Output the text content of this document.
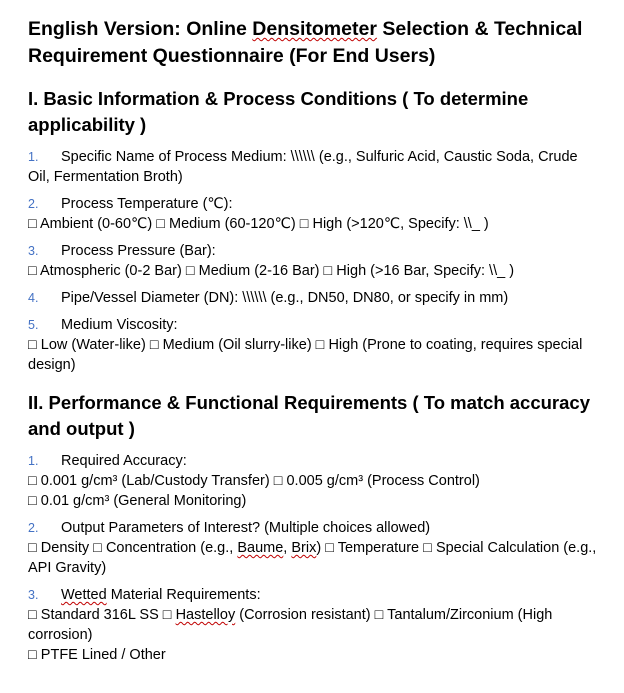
English Version: Online Densitometer Selection & Technical Requirement Questionnaire (For End Users)
I. Basic Information & Process Conditions ( To determine applicability )
1. Specific Name of Process Medium: \\\\\\ (e.g., Sulfuric Acid, Caustic Soda, Crude Oil, Fermentation Broth)
2. Process Temperature (℃):
□ Ambient (0-60℃) □ Medium (60-120℃) □ High (>120℃, Specify: \\_ )
3. Process Pressure (Bar):
□ Atmospheric (0-2 Bar) □ Medium (2-16 Bar) □ High (>16 Bar, Specify: \\_ )
4. Pipe/Vessel Diameter (DN): \\\\\\ (e.g., DN50, DN80, or specify in mm)
5. Medium Viscosity:
□ Low (Water-like) □ Medium (Oil slurry-like) □ High (Prone to coating, requires special design)
II. Performance & Functional Requirements ( To match accuracy and output )
1. Required Accuracy:
□ 0.001 g/cm³ (Lab/Custody Transfer) □ 0.005 g/cm³ (Process Control)
□ 0.01 g/cm³ (General Monitoring)
2. Output Parameters of Interest? (Multiple choices allowed)
□ Density □ Concentration (e.g., Baume, Brix) □ Temperature □ Special Calculation (e.g., API Gravity)
3. Wetted Material Requirements:
□ Standard 316L SS □ Hastelloy (Corrosion resistant) □ Tantalum/Zirconium (High corrosion)
□ PTFE Lined / Other
